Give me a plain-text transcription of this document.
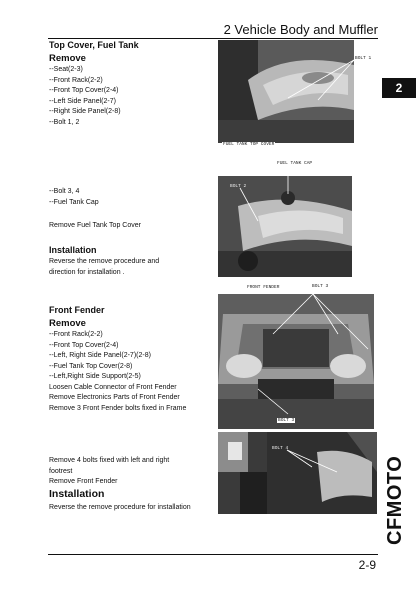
2 Vehicle Body and Muffler
2
CFMOTO
Top Cover, Fuel Tank
Remove
--Seat(2-3)
--Front Rack(2-2)
--Front Top Cover(2-4)
--Left Side Panel(2-7)
--Right Side Panel(2-8)
--Bolt 1, 2
--Bolt 3, 4
--Fuel Tank Cap
Remove Fuel Tank Top Cover
Installation
Reverse the remove procedure and
direction for installation .
Front Fender
Remove
--Front Rack(2-2)
--Front Top Cover(2-4)
--Left, Right Side Panel(2-7)(2-8)
--Fuel Tank Top Cover(2-8)
--Left,Right Side Support(2-5)
Loosen Cable Connector of Front Fender
Remove Electronics Parts of Front Fender
Remove 3 Front Fender bolts fixed in Frame
Remove 4 bolts fixed with left and right
footrest
Remove Front Fender
Installation
Reverse the remove procedure for installation
BOLT 1
FUEL TANK TOP COVER
FUEL TANK CAP
BOLT 2
FRONT FENDER	BOLT 3
BOLT 3
BOLT 4
2-9
